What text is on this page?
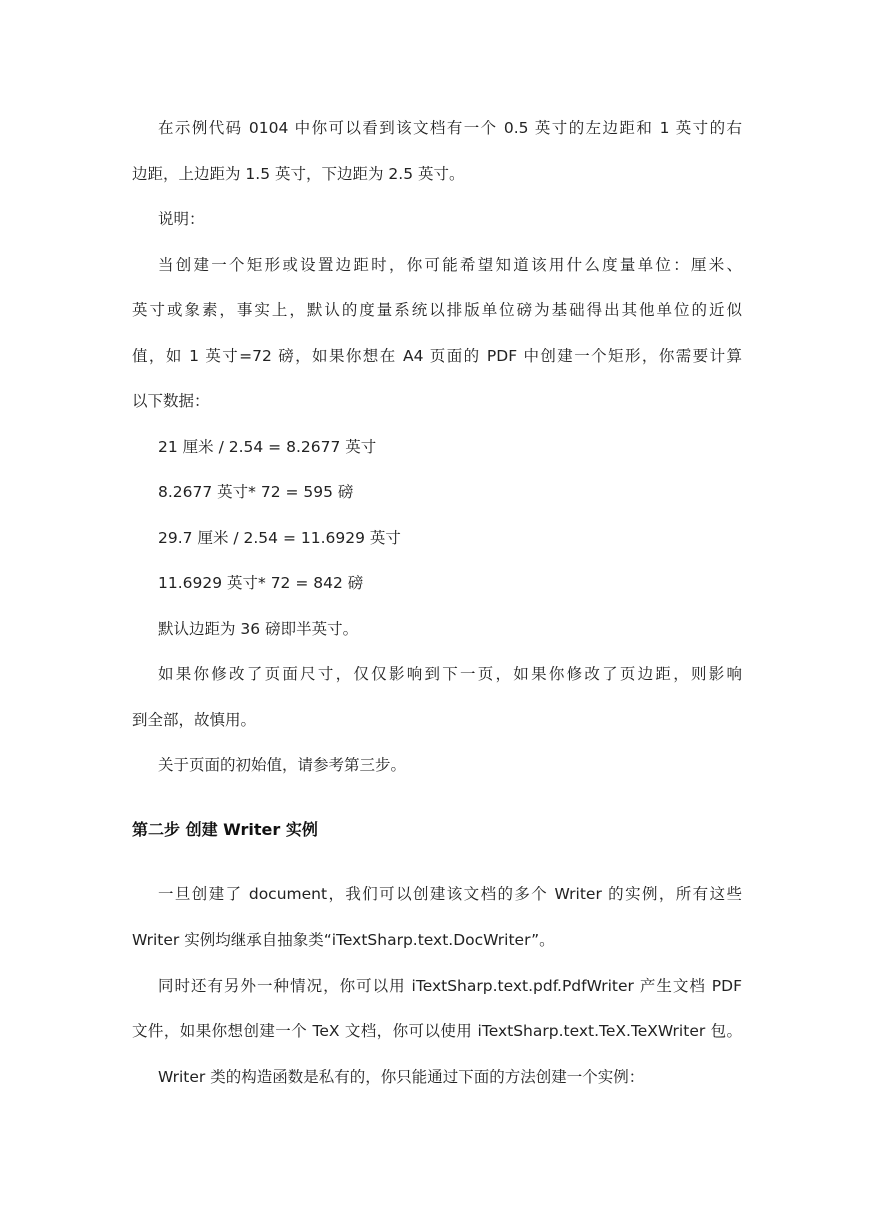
在示例代码 0104 中你可以看到该文档有一个 0.5 英寸的左边距和 1 英寸的右
边距，上边距为 1.5 英寸，下边距为 2.5 英寸。
说明：
当创建一个矩形或设置边距时，你可能希望知道该用什么度量单位：厘米、
英寸或象素，事实上，默认的度量系统以排版单位磅为基础得出其他单位的近似
值，如 1 英寸=72 磅，如果你想在 A4 页面的 PDF 中创建一个矩形，你需要计算
以下数据：
21 厘米 / 2.54 = 8.2677 英寸
8.2677 英寸* 72 = 595 磅
29.7 厘米 / 2.54 = 11.6929 英寸
11.6929 英寸* 72 = 842 磅
默认边距为 36 磅即半英寸。
如果你修改了页面尺寸，仅仅影响到下一页，如果你修改了页边距，则影响
到全部，故慎用。
关于页面的初始值，请参考第三步。
第二步 创建 Writer 实例
一旦创建了 document，我们可以创建该文档的多个 Writer 的实例，所有这些
Writer 实例均继承自抽象类“iTextSharp.text.DocWriter”。
同时还有另外一种情况，你可以用 iTextSharp.text.pdf.PdfWriter 产生文档 PDF
文件，如果你想创建一个 TeX 文档，你可以使用 iTextSharp.text.TeX.TeXWriter 包。
Writer 类的构造函数是私有的，你只能通过下面的方法创建一个实例：
